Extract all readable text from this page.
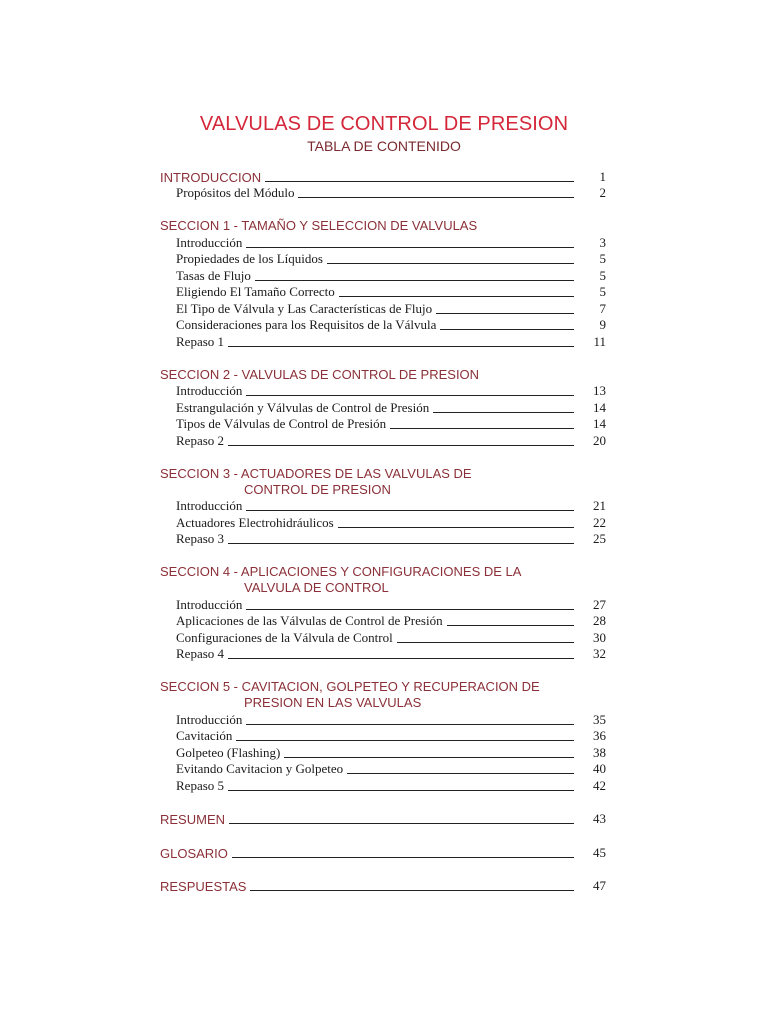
VALVULAS DE CONTROL DE PRESION
TABLA DE CONTENIDO
INTRODUCCION	1
Propósitos del Módulo	2
SECCION 1 - TAMAÑO Y SELECCION DE VALVULAS
Introducción	3
Propiedades de los Líquidos	5
Tasas de Flujo	5
Eligiendo El Tamaño Correcto	5
El Tipo de Válvula y Las Características de Flujo	7
Consideraciones para los Requisitos de la Válvula	9
Repaso 1	11
SECCION 2 - VALVULAS DE CONTROL DE PRESION
Introducción	13
Estrangulación y Válvulas de Control de Presión	14
Tipos de Válvulas de Control de Presión	14
Repaso 2	20
SECCION 3 - ACTUADORES DE LAS VALVULAS DE
CONTROL DE PRESION
Introducción	21
Actuadores Electrohidráulicos	22
Repaso 3	25
SECCION 4 - APLICACIONES Y CONFIGURACIONES DE LA
VALVULA DE CONTROL
Introducción	27
Aplicaciones de las Válvulas de Control de Presión	28
Configuraciones de la Válvula de Control	30
Repaso 4	32
SECCION 5 - CAVITACION, GOLPETEO Y RECUPERACION DE
PRESION EN LAS VALVULAS
Introducción	35
Cavitación	36
Golpeteo (Flashing)	38
Evitando Cavitacion y Golpeteo	40
Repaso 5	42
RESUMEN	43
GLOSARIO	45
RESPUESTAS	47
